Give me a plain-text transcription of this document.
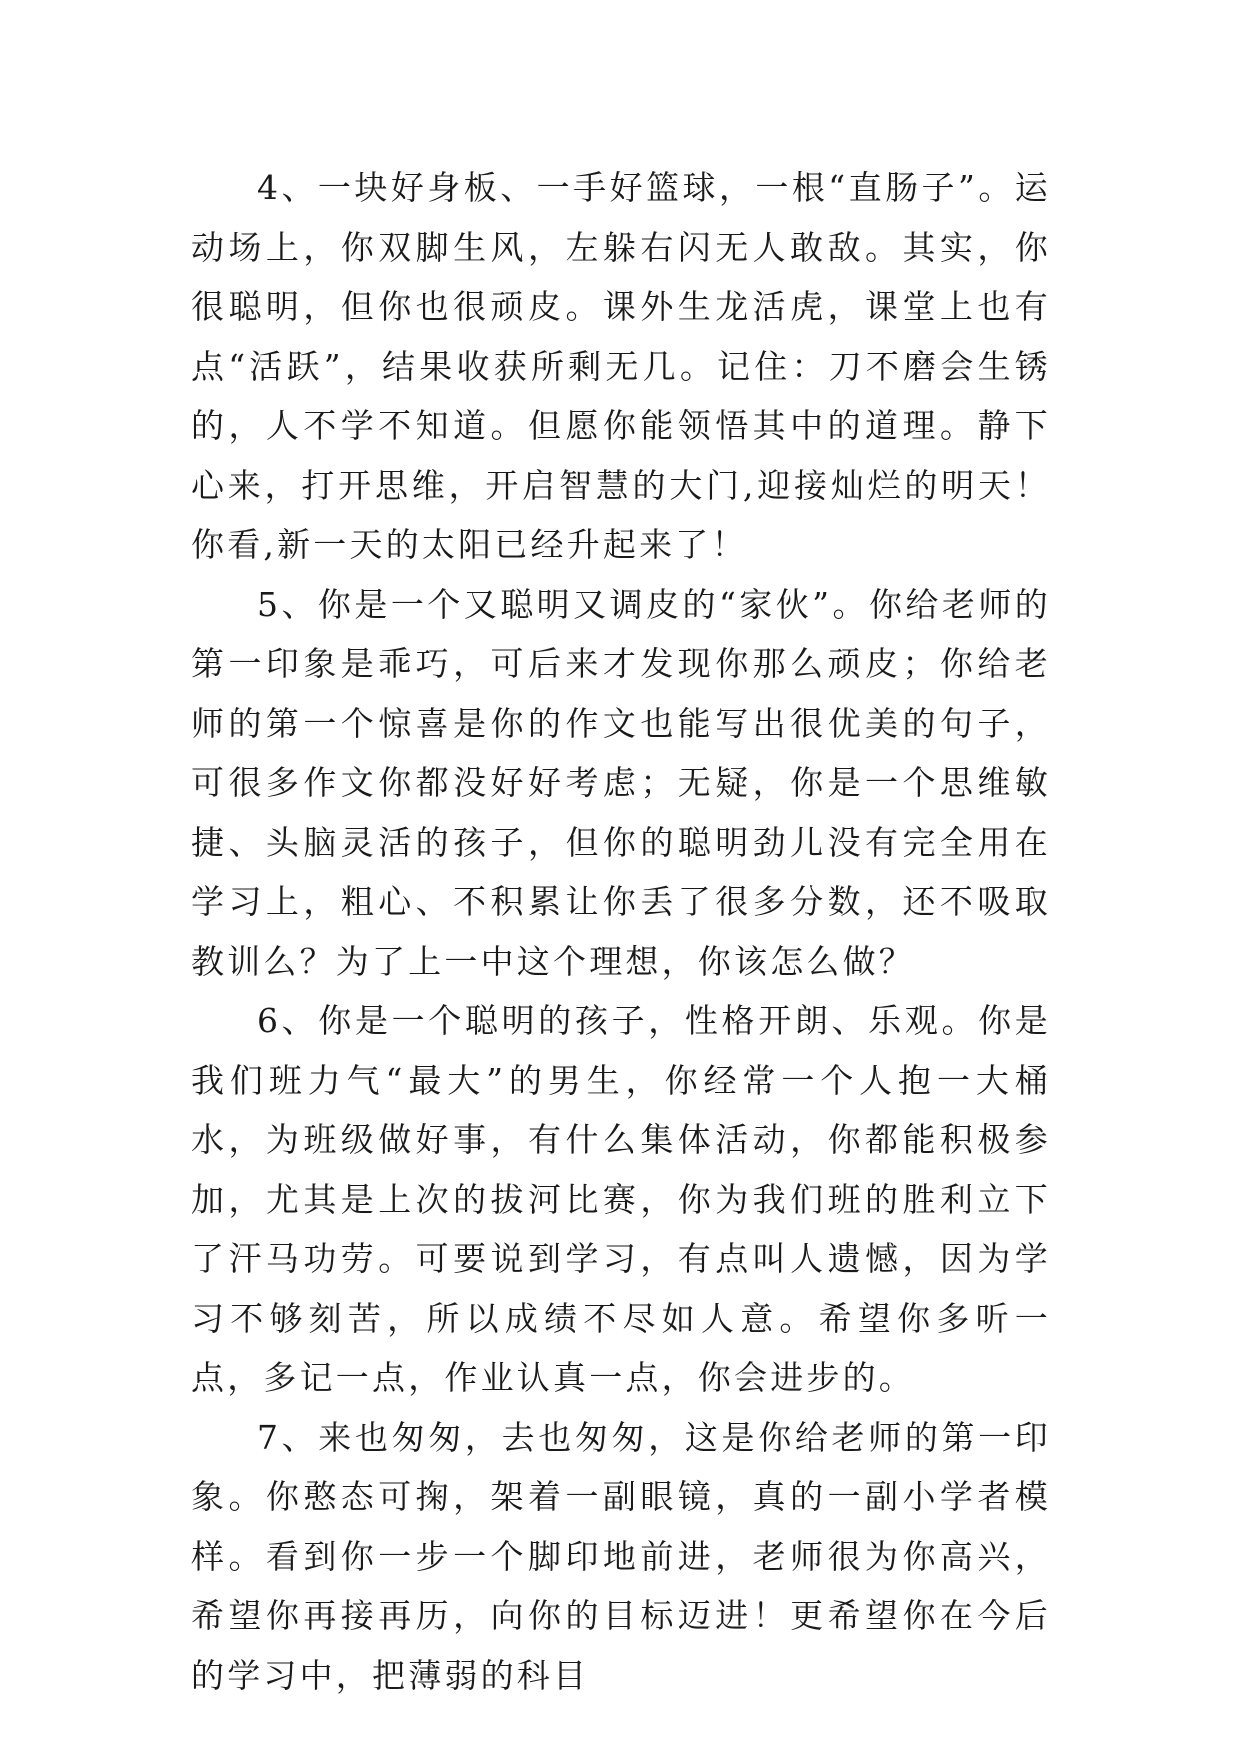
4、一块好身板、一手好篮球，一根“直肠子”。运动场上，你双脚生风，左躲右闪无人敢敌。其实，你很聪明，但你也很顽皮。课外生龙活虎，课堂上也有点“活跃”，结果收获所剩无几。记住：刀不磨会生锈的，人不学不知道。但愿你能领悟其中的道理。静下心来，打开思维，开启智慧的大门,迎接灿烂的明天！你看,新一天的太阳已经升起来了！

5、你是一个又聪明又调皮的“家伙”。你给老师的第一印象是乖巧，可后来才发现你那么顽皮；你给老师的第一个惊喜是你的作文也能写出很优美的句子，可很多作文你都没好好考虑；无疑，你是一个思维敏捷、头脑灵活的孩子，但你的聪明劲儿没有完全用在学习上，粗心、不积累让你丢了很多分数，还不吸取教训么？为了上一中这个理想，你该怎么做？

6、你是一个聪明的孩子，性格开朗、乐观。你是我们班力气“最大”的男生，你经常一个人抱一大桶水，为班级做好事，有什么集体活动，你都能积极参加，尤其是上次的拔河比赛，你为我们班的胜利立下了汗马功劳。可要说到学习，有点叫人遗憾，因为学习不够刻苦，所以成绩不尽如人意。希望你多听一点，多记一点，作业认真一点，你会进步的。

7、来也匆匆，去也匆匆，这是你给老师的第一印象。你憨态可掬，架着一副眼镜，真的一副小学者模样。看到你一步一个脚印地前进，老师很为你高兴，希望你再接再历，向你的目标迈进！更希望你在今后的学习中，把薄弱的科目
